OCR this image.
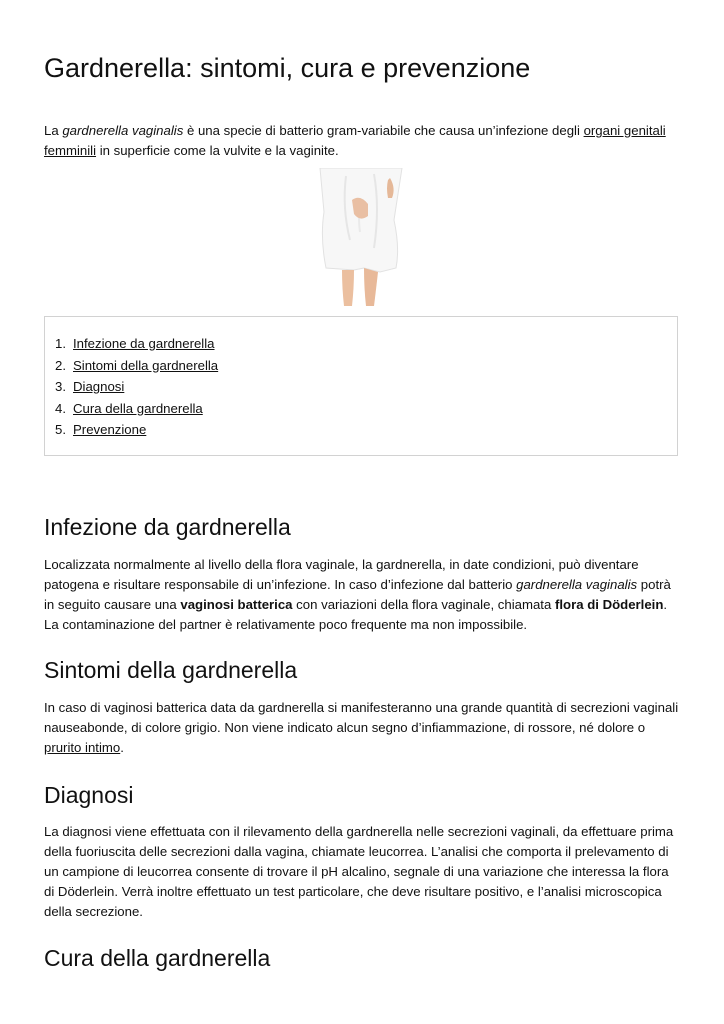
Gardnerella: sintomi, cura e prevenzione

La gardnerella vaginalis è una specie di batterio gram-variabile che causa un’infezione degli organi genitali femminili in superficie come la vulvite e la vaginite.

1. Infezione da gardnerella
2. Sintomi della gardnerella
3. Diagnosi
4. Cura della gardnerella
5. Prevenzione
Infezione da gardnerella

Localizzata normalmente al livello della flora vaginale, la gardnerella, in date condizioni, può diventare patogena e risultare responsabile di un’infezione. In caso d’infezione dal batterio gardnerella vaginalis potrà in seguito causare una vaginosi batterica con variazioni della flora vaginale, chiamata flora di Döderlein. La contaminazione del partner è relativamente poco frequente ma non impossibile.

Sintomi della gardnerella

In caso di vaginosi batterica data da gardnerella si manifesteranno una grande quantità di secrezioni vaginali nauseabonde, di colore grigio. Non viene indicato alcun segno d’infiammazione, di rossore, né dolore o prurito intimo.

Diagnosi

La diagnosi viene effettuata con il rilevamento della gardnerella nelle secrezioni vaginali, da effettuare prima della fuoriuscita delle secrezioni dalla vagina, chiamate leucorrea. L’analisi che comporta il prelevamento di un campione di leucorrea consente di trovare il pH alcalino, segnale di una variazione che interessa la flora di Döderlein. Verrà inoltre effettuato un test particolare, che deve risultare positivo, e l’analisi microscopica della secrezione.

Cura della gardnerella
